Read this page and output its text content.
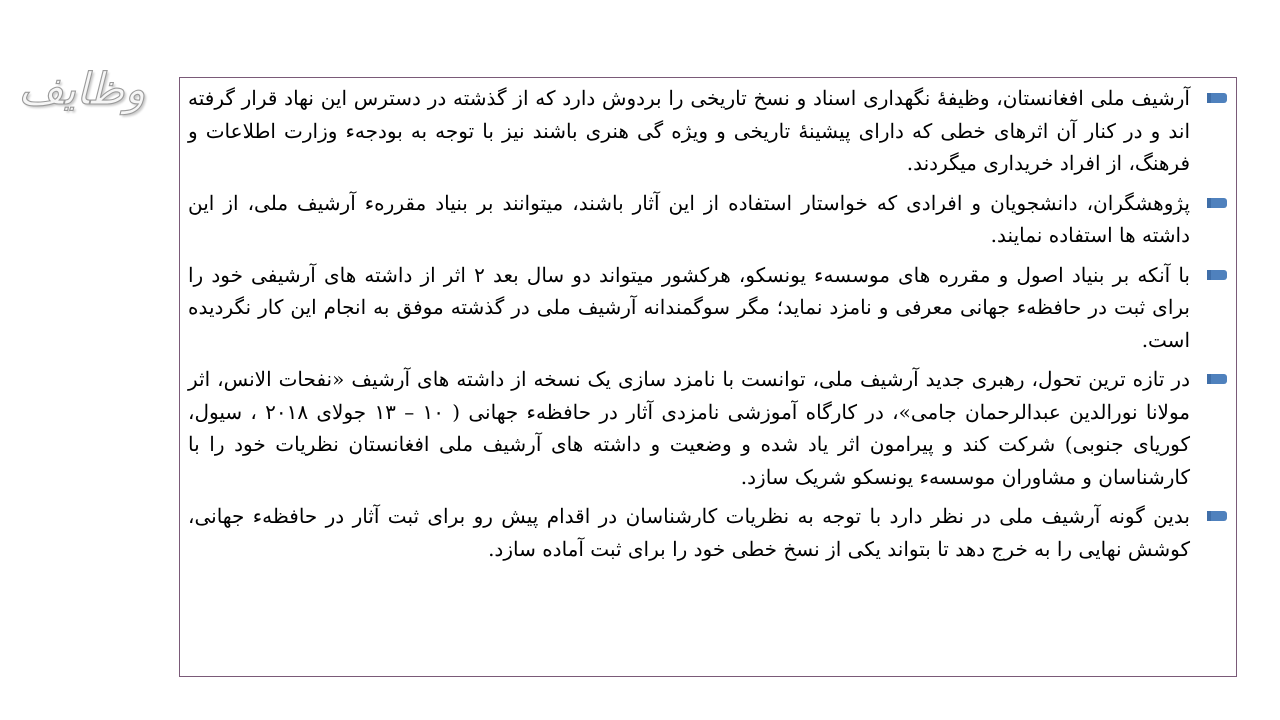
وظایف	آرشیف ملی افغانستان، وظیفهٔ نگهداری اسناد و نسخ تاریخی را بردوش دارد که از گذشته در دسترس این نهاد قرار گرفته اند و در کنار آن اثرهای خطی که دارای پیشینهٔ تاریخی و ویژه گی هنری باشند نیز با توجه به بودجهء وزارت اطلاعات و فرهنگ، از افراد خریداری میگردند.

پژوهشگران، دانشجویان و افرادی که خواستار استفاده از این آثار باشند، میتوانند بر بنیاد مقررهء آرشیف ملی، از این داشته ها استفاده نمایند.

با آنکه بر بنیاد اصول و مقرره های موسسهء یونسکو، هرکشور میتواند دو سال بعد ۲ اثر از داشته های آرشیفی خود را برای ثبت در حافظهء جهانی معرفی و نامزد نماید؛ مگر سوگمندانه آرشیف ملی در گذشته موفق به انجام این کار نگردیده است.

در تازه ترین تحول، رهبری جدید آرشیف ملی، توانست با نامزد سازی یک نسخه از داشته های آرشیف «نفحات الانس، اثر مولانا نورالدین عبدالرحمان جامی»، در کارگاه آموزشی نامزدی آثار در حافظهء جهانی ( ۱۰ – ۱۳ جولای ۲۰۱۸ ، سیول، کوریای جنوبی) شرکت کند و پیرامون اثر یاد شده و وضعیت و داشته های آرشیف ملی افغانستان نظریات خود را با کارشناسان و مشاوران موسسهء یونسکو شریک سازد.

بدین گونه آرشیف ملی در نظر دارد با توجه به نظریات کارشناسان در اقدام پیش رو برای ثبت آثار در حافظهء جهانی، کوشش نهایی را به خرج دهد تا بتواند یکی از نسخ خطی خود را برای ثبت آماده سازد.
